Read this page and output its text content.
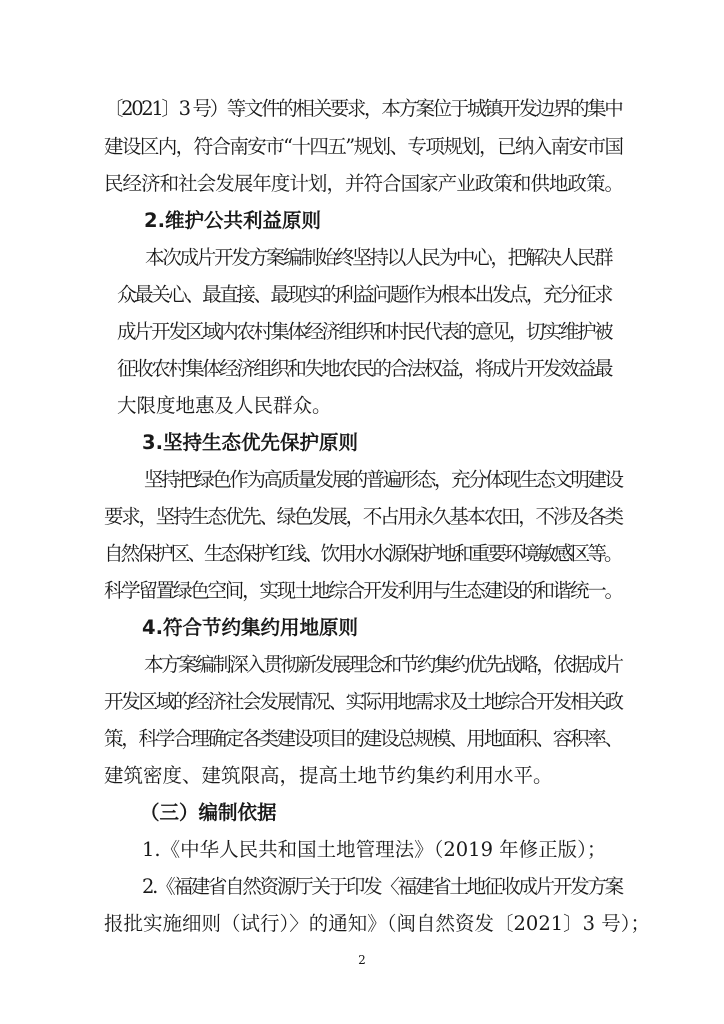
〔2021〕3 号）等文件的相关要求，本方案位于城镇开发边界的集中
建设区内，符合南安市“十四五”规划、专项规划，已纳入南安市国
民经济和社会发展年度计划，并符合国家产业政策和供地政策。
2.维护公共利益原则
本次成片开发方案编制始终坚持以人民为中心，把解决人民群
众最关心、最直接、最现实的利益问题作为根本出发点，充分征求
成片开发区域内农村集体经济组织和村民代表的意见，切实维护被
征收农村集体经济组织和失地农民的合法权益，将成片开发效益最
大限度地惠及人民群众。
3.坚持生态优先保护原则
坚持把绿色作为高质量发展的普遍形态，充分体现生态文明建设
要求，坚持生态优先、绿色发展，不占用永久基本农田，不涉及各类
自然保护区、生态保护红线、饮用水水源保护地和重要环境敏感区等。
科学留置绿色空间，实现土地综合开发利用与生态建设的和谐统一。
4.符合节约集约用地原则
本方案编制深入贯彻新发展理念和节约集约优先战略，依据成片
开发区域的经济社会发展情况、实际用地需求及土地综合开发相关政
策，科学合理确定各类建设项目的建设总规模、用地面积、容积率、
建筑密度、建筑限高，提高土地节约集约利用水平。
（三）编制依据
1.《中华人民共和国土地管理法》（2019 年修正版）；
2.《福建省自然资源厅关于印发〈福建省土地征收成片开发方案
报批实施细则（试行）〉的通知》（闽自然资发〔2021〕3 号）；
2
